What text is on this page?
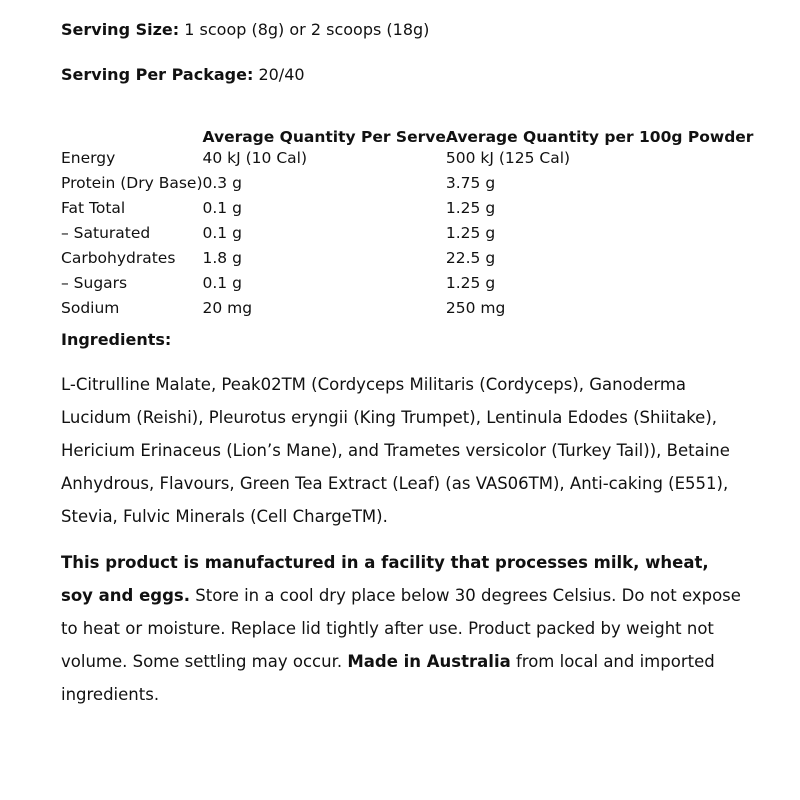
Serving Size: 1 scoop (8g) or 2 scoops (18g)
Serving Per Package: 20/40
	Average Quantity Per Serve	Average Quantity per 100g Powder
Energy	40 kJ (10 Cal)	500 kJ (125 Cal)
Protein (Dry Base)	0.3 g	3.75 g
Fat Total	0.1 g	1.25 g
– Saturated	0.1 g	1.25 g
Carbohydrates	1.8 g	22.5 g
– Sugars	0.1 g	1.25 g
Sodium	20 mg	250 mg
Ingredients:

L-Citrulline Malate, Peak02TM (Cordyceps Militaris (Cordyceps), Ganoderma Lucidum (Reishi), Pleurotus eryngii (King Trumpet), Lentinula Edodes (Shiitake), Hericium Erinaceus (Lion’s Mane), and Trametes versicolor (Turkey Tail)), Betaine Anhydrous, Flavours, Green Tea Extract (Leaf) (as VAS06TM), Anti-caking (E551), Stevia, Fulvic Minerals (Cell ChargeTM).

This product is manufactured in a facility that processes milk, wheat, soy and eggs. Store in a cool dry place below 30 degrees Celsius. Do not expose to heat or moisture. Replace lid tightly after use. Product packed by weight not volume. Some settling may occur. Made in Australia from local and imported ingredients.
